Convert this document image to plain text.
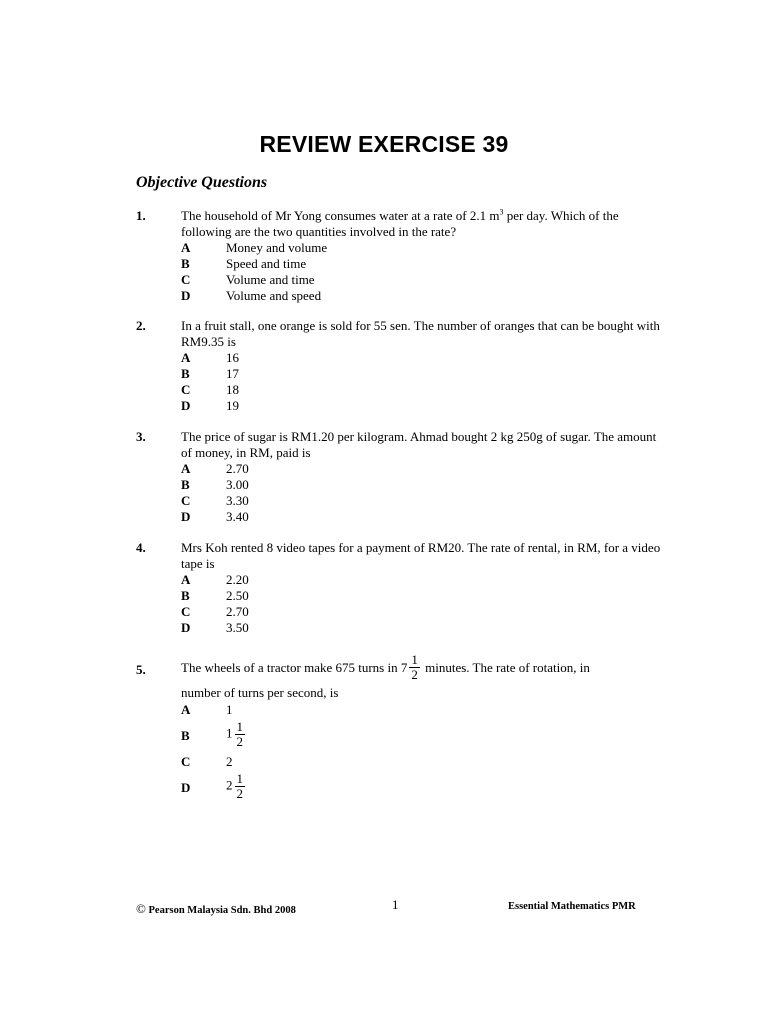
REVIEW EXERCISE 39
Objective Questions
1.	The household of Mr Yong consumes water at a rate of 2.1 $m^3$ per day. Which of the following are the two quantities involved in the rate?
A	Money and volume
B	Speed and time
C	Volume and time
D	Volume and speed
2.	In a fruit stall, one orange is sold for 55 sen. The number of oranges that can be bought with RM9.35 is
A	16
B	17
C	18
D	19
3.	The price of sugar is RM1.20 per kilogram. Ahmad bought 2 kg 250g of sugar. The amount of money, in RM, paid is
A	2.70
B	3.00
C	3.30
D	3.40
4.	Mrs Koh rented 8 video tapes for a payment of RM20. The rate of rental, in RM, for a video tape is
A	2.20
B	2.50
C	2.70
D	3.50
5.	The wheels of a tractor make 675 turns in $7 \frac{1}{2}$ minutes. The rate of rotation, in
number of turns per second, is
A	1
B	$1 \frac{1}{2}$
C	2
D	$2 \frac{1}{2}$
© Pearson Malaysia Sdn. Bhd 2008	1	Essential Mathematics PMR
